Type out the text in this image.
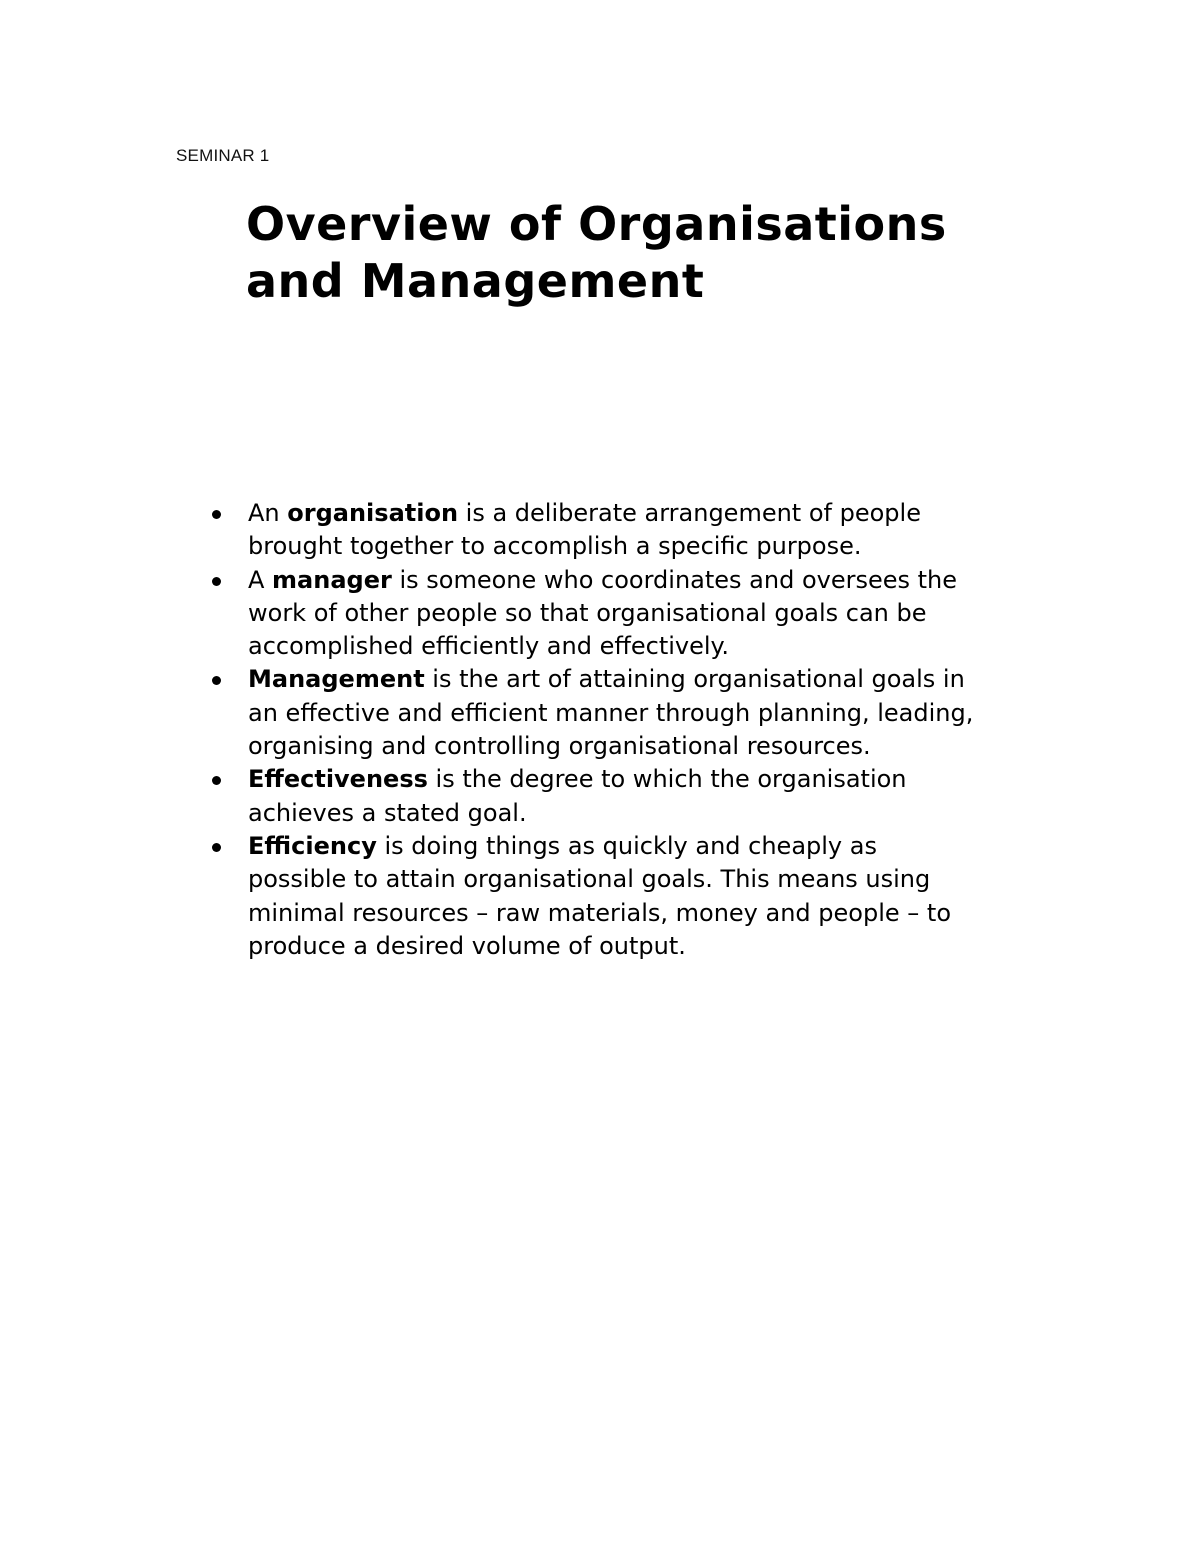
SEMINAR 1
Overview of Organisations
and Management
An organisation is a deliberate arrangement of people
brought together to accomplish a specific purpose.
A manager is someone who coordinates and oversees the
work of other people so that organisational goals can be
accomplished efficiently and effectively.
Management is the art of attaining organisational goals in
an effective and efficient manner through planning, leading,
organising and controlling organisational resources.
Effectiveness is the degree to which the organisation
achieves a stated goal.
Efficiency is doing things as quickly and cheaply as
possible to attain organisational goals. This means using
minimal resources – raw materials, money and people – to
produce a desired volume of output.
